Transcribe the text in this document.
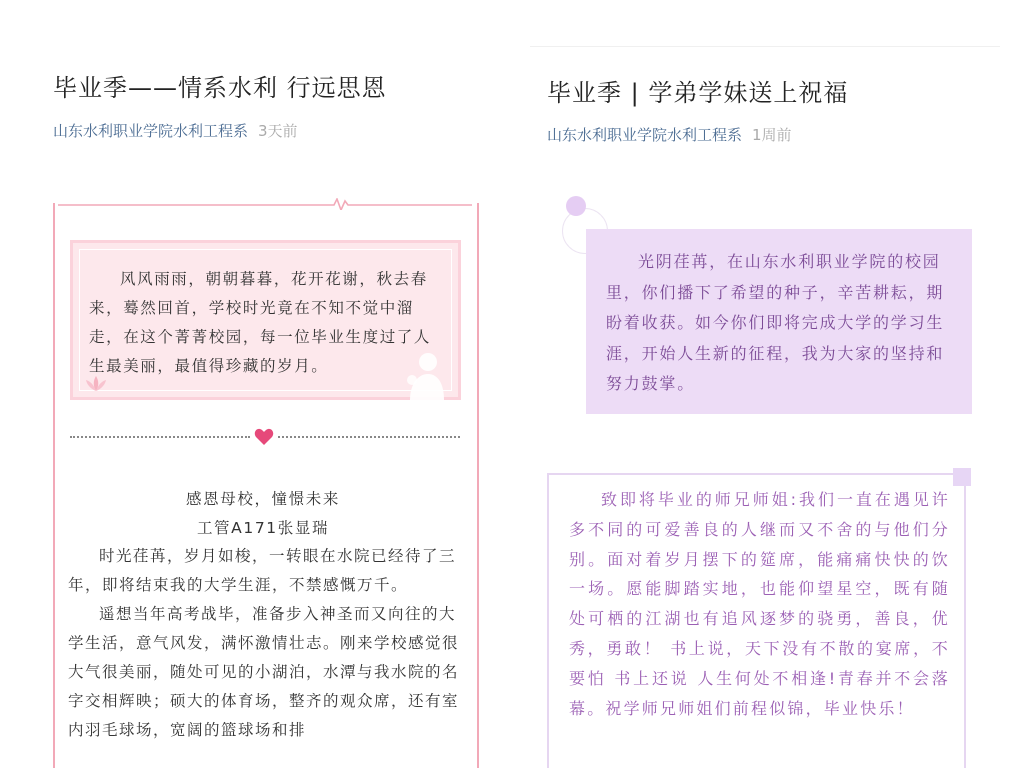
毕业季——情系水利 行远思恩
山东水利职业学院水利工程系 3天前

风风雨雨，朝朝暮暮，花开花谢，秋去春来，蓦然回首，学校时光竟在不知不觉中溜走，在这个菁菁校园，每一位毕业生度过了人生最美丽，最值得珍藏的岁月。

感恩母校，憧憬未来
工管A171张显瑞

时光荏苒，岁月如梭，一转眼在水院已经待了三年，即将结束我的大学生涯，不禁感慨万千。

遥想当年高考战毕，准备步入神圣而又向往的大学生活，意气风发，满怀激情壮志。刚来学校感觉很大气很美丽，随处可见的小湖泊，水潭与我水院的名字交相辉映；硕大的体育场，整齐的观众席，还有室内羽毛球场，宽阔的篮球场和排

毕业季 | 学弟学妹送上祝福
山东水利职业学院水利工程系 1周前

光阴荏苒，在山东水利职业学院的校园里，你们播下了希望的种子，辛苦耕耘，期盼着收获。如今你们即将完成大学的学习生涯，开始人生新的征程，我为大家的坚持和努力鼓掌。

致即将毕业的师兄师姐:我们一直在遇见许多不同的可爱善良的人继而又不舍的与他们分别。面对着岁月摆下的筵席，能痛痛快快的饮一场。愿能脚踏实地，也能仰望星空，既有随处可栖的江湖也有追风逐梦的骁勇，善良，优秀，勇敢！ 书上说，天下没有不散的宴席，不要怕 书上还说 人生何处不相逢!青春并不会落幕。祝学师兄师姐们前程似锦，毕业快乐！
